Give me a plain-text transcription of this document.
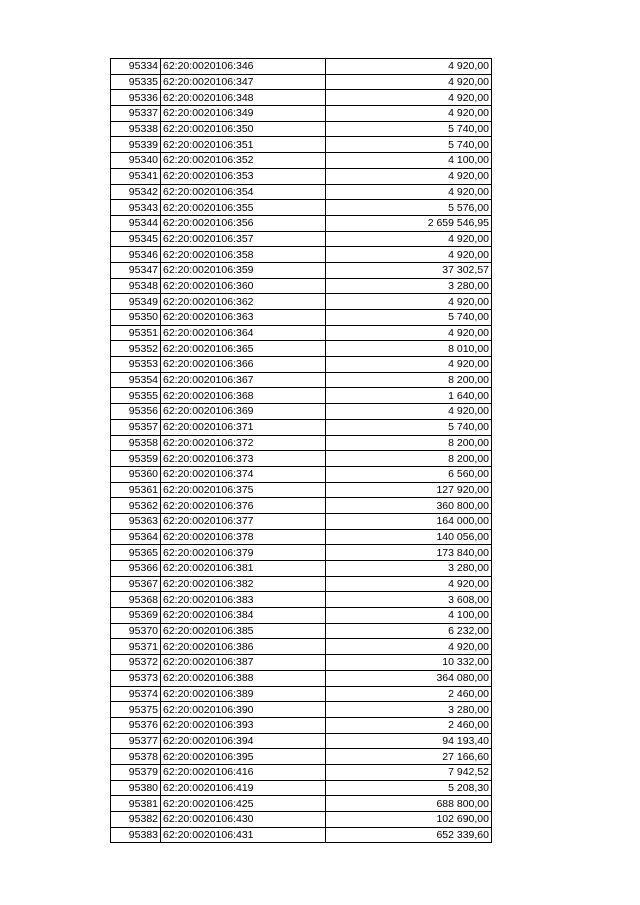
95334	62:20:0020106:346	4 920,00
95335	62:20:0020106:347	4 920,00
95336	62:20:0020106:348	4 920,00
95337	62:20:0020106:349	4 920,00
95338	62:20:0020106:350	5 740,00
95339	62:20:0020106:351	5 740,00
95340	62:20:0020106:352	4 100,00
95341	62:20:0020106:353	4 920,00
95342	62:20:0020106:354	4 920,00
95343	62:20:0020106:355	5 576,00
95344	62:20:0020106:356	2 659 546,95
95345	62:20:0020106:357	4 920,00
95346	62:20:0020106:358	4 920,00
95347	62:20:0020106:359	37 302,57
95348	62:20:0020106:360	3 280,00
95349	62:20:0020106:362	4 920,00
95350	62:20:0020106:363	5 740,00
95351	62:20:0020106:364	4 920,00
95352	62:20:0020106:365	8 010,00
95353	62:20:0020106:366	4 920,00
95354	62:20:0020106:367	8 200,00
95355	62:20:0020106:368	1 640,00
95356	62:20:0020106:369	4 920,00
95357	62:20:0020106:371	5 740,00
95358	62:20:0020106:372	8 200,00
95359	62:20:0020106:373	8 200,00
95360	62:20:0020106:374	6 560,00
95361	62:20:0020106:375	127 920,00
95362	62:20:0020106:376	360 800,00
95363	62:20:0020106:377	164 000,00
95364	62:20:0020106:378	140 056,00
95365	62:20:0020106:379	173 840,00
95366	62:20:0020106:381	3 280,00
95367	62:20:0020106:382	4 920,00
95368	62:20:0020106:383	3 608,00
95369	62:20:0020106:384	4 100,00
95370	62:20:0020106:385	6 232,00
95371	62:20:0020106:386	4 920,00
95372	62:20:0020106:387	10 332,00
95373	62:20:0020106:388	364 080,00
95374	62:20:0020106:389	2 460,00
95375	62:20:0020106:390	3 280,00
95376	62:20:0020106:393	2 460,00
95377	62:20:0020106:394	94 193,40
95378	62:20:0020106:395	27 166,60
95379	62:20:0020106:416	7 942,52
95380	62:20:0020106:419	5 208,30
95381	62:20:0020106:425	688 800,00
95382	62:20:0020106:430	102 690,00
95383	62:20:0020106:431	652 339,60
